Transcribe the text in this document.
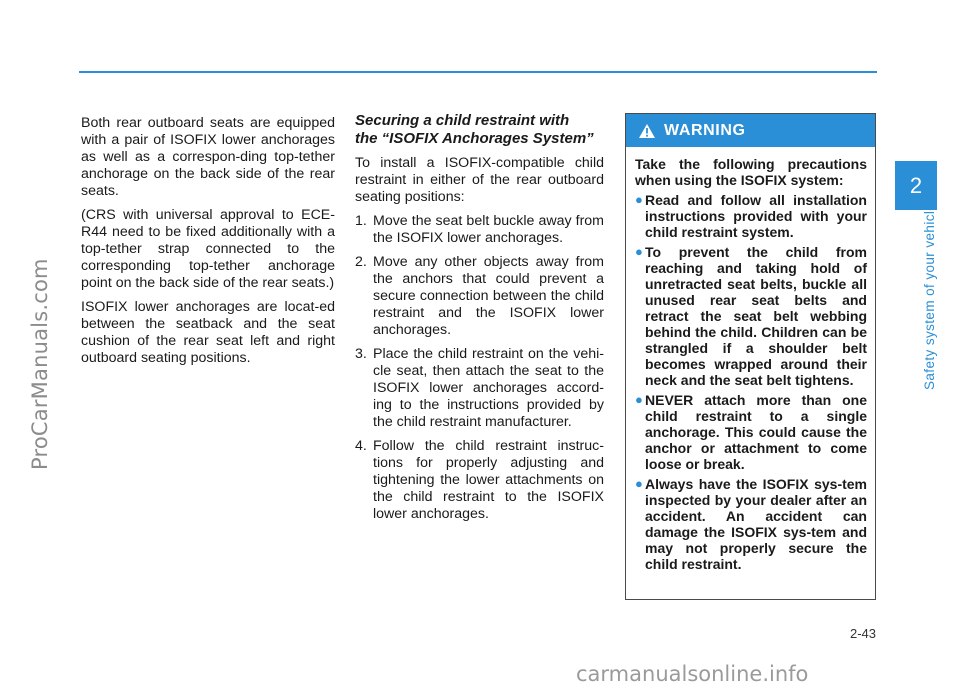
ProCarManuals.com

Both rear outboard seats are equipped with a pair of ISOFIX lower anchorages as well as a correspon-ding top-tether anchorage on the back side of the rear seats.

(CRS with universal approval to ECE-R44 need to be fixed additionally with a top-tether strap connected to the corresponding top-tether anchorage point on the back side of the rear seats.)

ISOFIX lower anchorages are locat-ed between the seatback and the seat cushion of the rear seat left and right outboard seating positions.

Securing a child restraint with
the “ISOFIX Anchorages System”

To install a ISOFIX-compatible child restraint in either of the rear outboard seating positions:

1. Move the seat belt buckle away from the ISOFIX lower anchorages.
2. Move any other objects away from the anchors that could prevent a secure connection between the child restraint and the ISOFIX lower anchorages.
3. Place the child restraint on the vehi-cle seat, then attach the seat to the ISOFIX lower anchorages accord-ing to the instructions provided by the child restraint manufacturer.
4. Follow the child restraint instruc-tions for properly adjusting and tightening the lower attachments on the child restraint to the ISOFIX lower anchorages.
WARNING

Take the following precautions when using the ISOFIX system:

● Read and follow all installation instructions provided with your child restraint system.
● To prevent the child from reaching and taking hold of unretracted seat belts, buckle all unused rear seat belts and retract the seat belt webbing behind the child. Children can be strangled if a shoulder belt becomes wrapped around their neck and the seat belt tightens.
● NEVER attach more than one child restraint to a single anchorage. This could cause the anchor or attachment to come loose or break.
● Always have the ISOFIX sys-tem inspected by your dealer after an accident. An accident can damage the ISOFIX sys-tem and may not properly secure the child restraint.
2
Safety system of your vehicle
2-43
carmanualsonline.info
